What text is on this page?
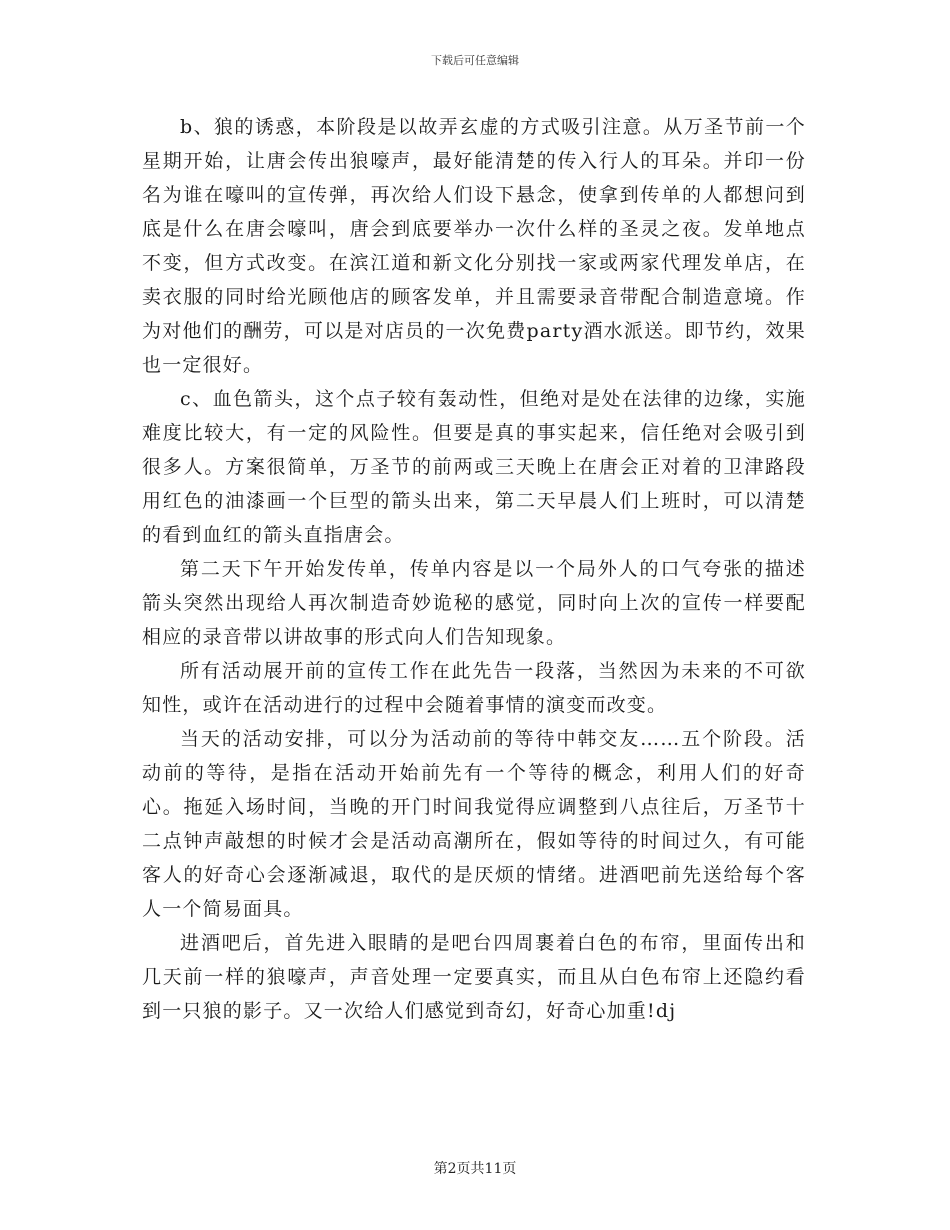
下载后可任意编辑

b、狼的诱惑，本阶段是以故弄玄虚的方式吸引注意。从万圣节前一个星期开始，让唐会传出狼嚎声，最好能清楚的传入行人的耳朵。并印一份名为谁在嚎叫的宣传弹，再次给人们设下悬念，使拿到传单的人都想问到底是什么在唐会嚎叫，唐会到底要举办一次什么样的圣灵之夜。发单地点不变，但方式改变。在滨江道和新文化分别找一家或两家代理发单店，在卖衣服的同时给光顾他店的顾客发单，并且需要录音带配合制造意境。作为对他们的酬劳，可以是对店员的一次免费party酒水派送。即节约，效果也一定很好。

c、血色箭头，这个点子较有轰动性，但绝对是处在法律的边缘，实施难度比较大，有一定的风险性。但要是真的事实起来，信任绝对会吸引到很多人。方案很简单，万圣节的前两或三天晚上在唐会正对着的卫津路段用红色的油漆画一个巨型的箭头出来，第二天早晨人们上班时，可以清楚的看到血红的箭头直指唐会。

第二天下午开始发传单，传单内容是以一个局外人的口气夸张的描述箭头突然出现给人再次制造奇妙诡秘的感觉，同时向上次的宣传一样要配相应的录音带以讲故事的形式向人们告知现象。

所有活动展开前的宣传工作在此先告一段落，当然因为未来的不可欲知性，或许在活动进行的过程中会随着事情的演变而改变。

当天的活动安排，可以分为活动前的等待中韩交友……五个阶段。活动前的等待，是指在活动开始前先有一个等待的概念，利用人们的好奇心。拖延入场时间，当晚的开门时间我觉得应调整到八点往后，万圣节十二点钟声敲想的时候才会是活动高潮所在，假如等待的时间过久，有可能客人的好奇心会逐渐减退，取代的是厌烦的情绪。进酒吧前先送给每个客人一个简易面具。

进酒吧后，首先进入眼睛的是吧台四周裹着白色的布帘，里面传出和几天前一样的狼嚎声，声音处理一定要真实，而且从白色布帘上还隐约看到一只狼的影子。又一次给人们感觉到奇幻，好奇心加重!dj

第2页共11页
